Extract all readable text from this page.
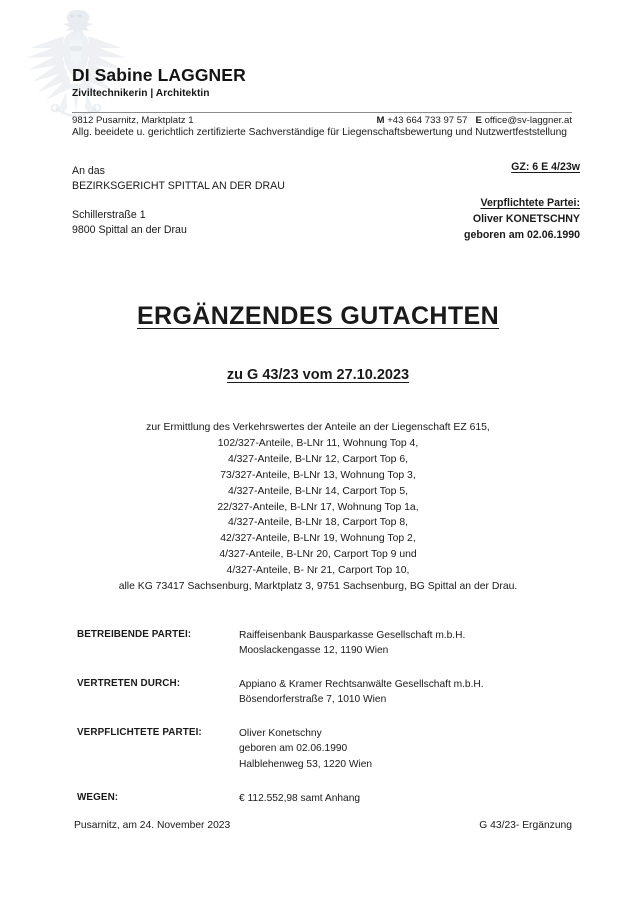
DI Sabine LAGGNER
Ziviltechnikerin | Architektin
9812 Pusarnitz, Marktplatz 1	M +43 664 733 97 57 E office@sv-laggner.at
Allg. beeidete u. gerichtlich zertifizierte Sachverständige für Liegenschaftsbewertung und Nutzwertfeststellung
An das
BEZIRKSGERICHT SPITTAL AN DER DRAU
Schillerstraße 1
9800 Spittal an der Drau
GZ: 6 E 4/23w
Verpflichtete Partei:
Oliver KONETSCHNY
geboren am 02.06.1990
ERGÄNZENDES GUTACHTEN
zu G 43/23 vom 27.10.2023
zur Ermittlung des Verkehrswertes der Anteile an der Liegenschaft EZ 615,
102/327-Anteile, B-LNr 11, Wohnung Top 4,
4/327-Anteile, B-LNr 12, Carport Top 6,
73/327-Anteile, B-LNr 13, Wohnung Top 3,
4/327-Anteile, B-LNr 14, Carport Top 5,
22/327-Anteile, B-LNr 17, Wohnung Top 1a,
4/327-Anteile, B-LNr 18, Carport Top 8,
42/327-Anteile, B-LNr 19, Wohnung Top 2,
4/327-Anteile, B-LNr 20, Carport Top 9 und
4/327-Anteile, B- Nr 21, Carport Top 10,
alle KG 73417 Sachsenburg, Marktplatz 3, 9751 Sachsenburg, BG Spittal an der Drau.
BETREIBENDE PARTEI:	Raiffeisenbank Bausparkasse Gesellschaft m.b.H.
Mooslackengasse 12, 1190 Wien
VERTRETEN DURCH:	Appiano & Kramer Rechtsanwälte Gesellschaft m.b.H.
Bösendorferstraße 7, 1010 Wien
VERPFLICHTETE PARTEI:	Oliver Konetschny
geboren am 02.06.1990
Halblehenweg 53, 1220 Wien
WEGEN:	€ 112.552,98 samt Anhang
Pusarnitz, am 24. November 2023	G 43/23- Ergänzung
